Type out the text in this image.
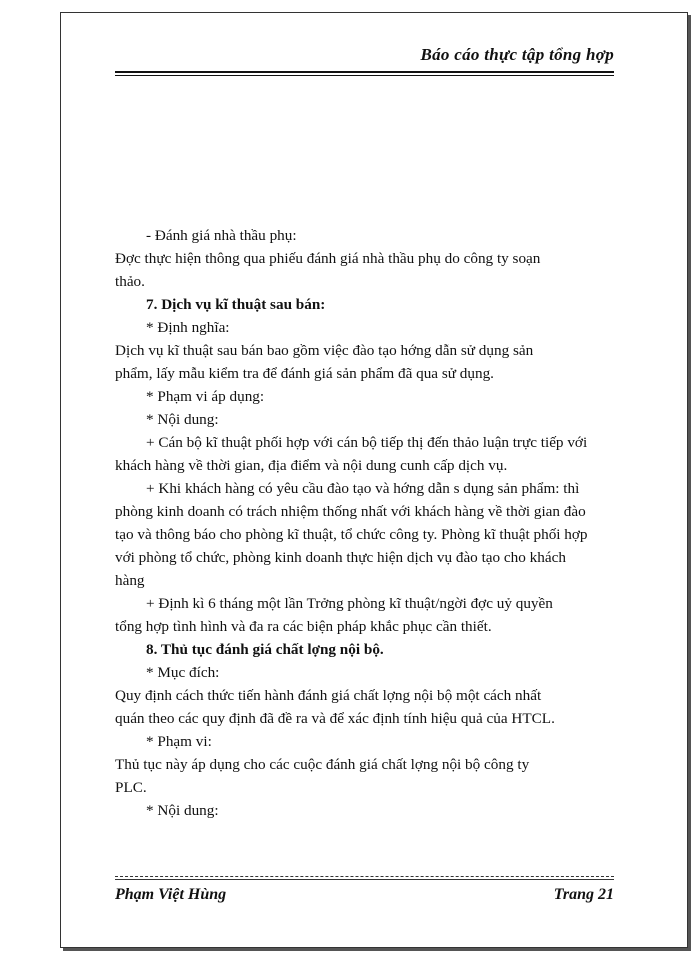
Báo cáo thực tập tổng hợp
- Đánh giá nhà thầu phụ:
Đợc thực hiện thông qua phiếu đánh giá nhà thầu phụ do công ty soạn
thảo.
7. Dịch vụ kĩ thuật sau bán:
* Định nghĩa:
Dịch vụ kĩ thuật sau bán bao gồm việc đào tạo hớng dẫn sử dụng sản
phẩm, lấy mẫu kiểm tra để đánh giá sản phẩm đã qua sử dụng.
* Phạm vi áp dụng:
* Nội dung:
+ Cán bộ kĩ thuật phối hợp với cán bộ tiếp thị đến thảo luận trực tiếp với
khách hàng về thời gian, địa điểm và nội dung cunh cấp dịch vụ.
+ Khi khách hàng có yêu cầu đào tạo và hớng dẫn s dụng sản phẩm: thì
phòng kinh doanh có trách nhiệm thống nhất với khách hàng về thời gian đào
tạo và thông báo cho phòng kĩ thuật, tổ chức công ty. Phòng kĩ thuật phối hợp
với phòng tổ chức, phòng kinh doanh thực hiện dịch vụ đào tạo cho khách
hàng
+ Định kì 6 tháng một lần Trởng phòng kĩ thuật/ngời đợc uỷ quyền
tổng hợp tình hình và đa ra các biện pháp khắc phục cần thiết.
8. Thủ tục đánh giá chất lợng nội bộ.
* Mục đích:
Quy định cách thức tiến hành đánh giá chất lợng nội bộ một cách nhất
quán theo các quy định đã đề ra và để xác định tính hiệu quả của HTCL.
* Phạm vi:
Thủ tục này áp dụng cho các cuộc đánh giá chất lợng nội bộ công ty
PLC.
* Nội dung:
Phạm Việt Hùng	Trang 21
